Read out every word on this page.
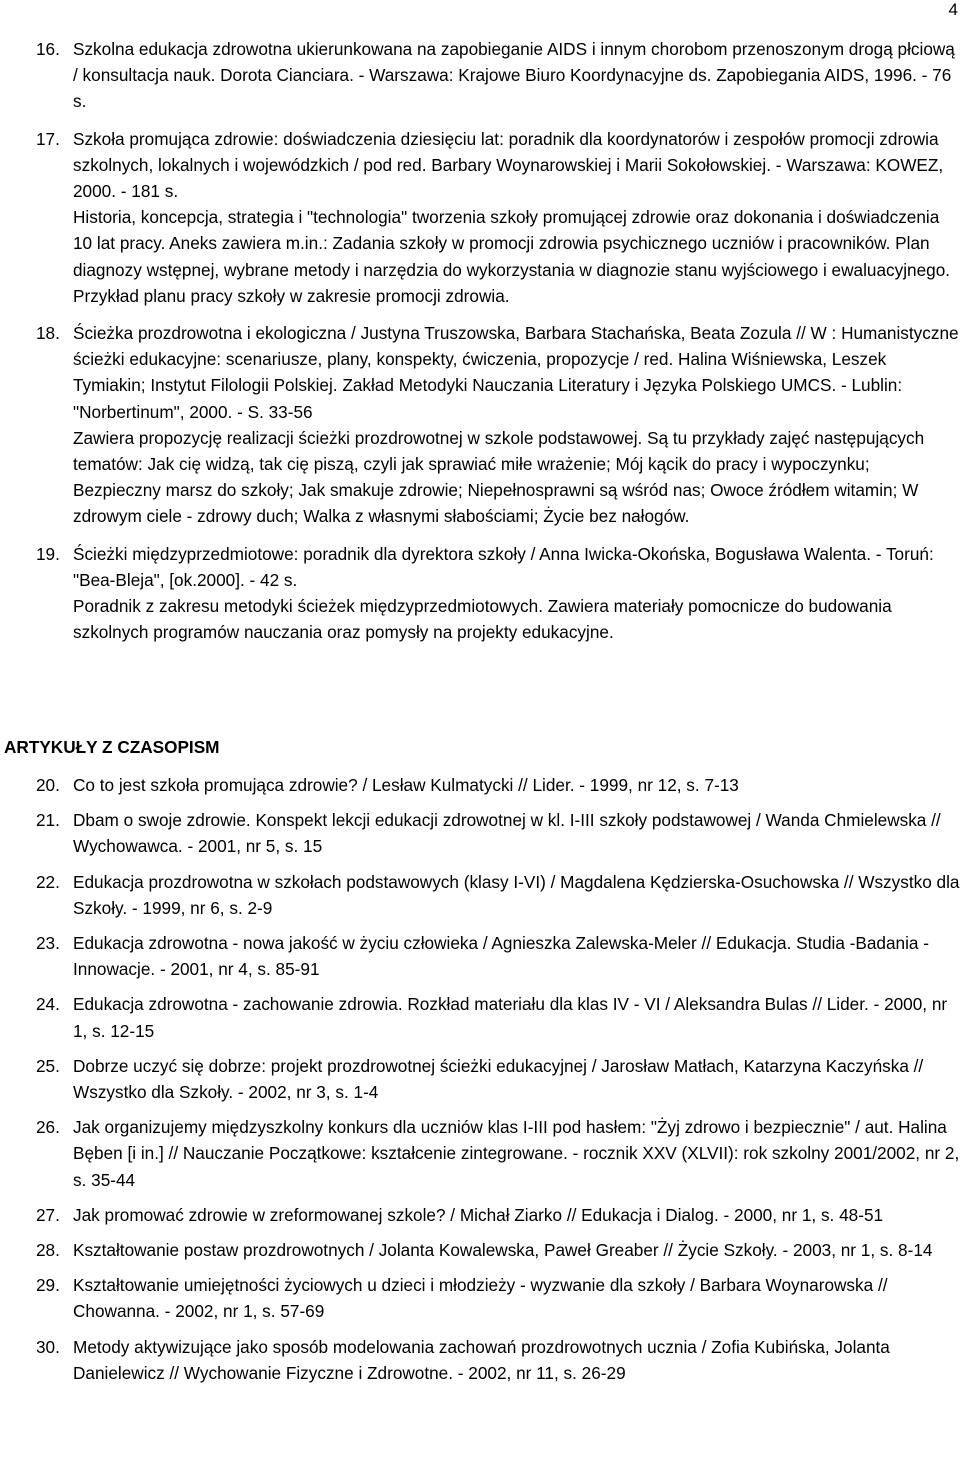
4
16. Szkolna edukacja zdrowotna ukierunkowana na zapobieganie AIDS i innym chorobom przenoszonym drogą płciową / konsultacja nauk. Dorota Cianciara. - Warszawa: Krajowe Biuro Koordynacyjne ds. Zapobiegania AIDS, 1996. - 76 s.

17. Szkoła promująca zdrowie: doświadczenia dziesięciu lat: poradnik dla koordynatorów i zespołów promocji zdrowia szkolnych, lokalnych i wojewódzkich / pod red. Barbary Woynarowskiej i Marii Sokołowskiej. - Warszawa: KOWEZ, 2000. - 181 s.

Historia, koncepcja, strategia i "technologia" tworzenia szkoły promującej zdrowie oraz dokonania i doświadczenia 10 lat pracy. Aneks zawiera m.in.: Zadania szkoły w promocji zdrowia psychicznego uczniów i pracowników. Plan diagnozy wstępnej, wybrane metody i narzędzia do wykorzystania w diagnozie stanu wyjściowego i ewaluacyjnego. Przykład planu pracy szkoły w zakresie promocji zdrowia.

18. Ścieżka prozdrowotna i ekologiczna / Justyna Truszowska, Barbara Stachańska, Beata Zozula // W : Humanistyczne ścieżki edukacyjne: scenariusze, plany, konspekty, ćwiczenia, propozycje / red. Halina Wiśniewska, Leszek Tymiakin; Instytut Filologii Polskiej. Zakład Metodyki Nauczania Literatury i Języka Polskiego UMCS. - Lublin: "Norbertinum", 2000. - S. 33-56

Zawiera propozycję realizacji ścieżki prozdrowotnej w szkole podstawowej. Są tu przykłady zajęć następujących tematów: Jak cię widzą, tak cię piszą, czyli jak sprawiać miłe wrażenie; Mój kącik do pracy i wypoczynku; Bezpieczny marsz do szkoły; Jak smakuje zdrowie; Niepełnosprawni są wśród nas; Owoce źródłem witamin; W zdrowym ciele - zdrowy duch; Walka z własnymi słabościami; Życie bez nałogów.

19. Ścieżki międzyprzedmiotowe: poradnik dla dyrektora szkoły / Anna Iwicka-Okońska, Bogusława Walenta. - Toruń: "Bea-Bleja", [ok.2000]. - 42 s.

Poradnik z zakresu metodyki ścieżek międzyprzedmiotowych. Zawiera materiały pomocnicze do budowania szkolnych programów nauczania oraz pomysły na projekty edukacyjne.

ARTYKUŁY Z CZASOPISM
20. Co to jest szkoła promująca zdrowie? / Lesław Kulmatycki // Lider. - 1999, nr 12, s. 7-13
21. Dbam o swoje zdrowie. Konspekt lekcji edukacji zdrowotnej w kl. I-III szkoły podstawowej / Wanda Chmielewska // Wychowawca. - 2001, nr 5, s. 15
22. Edukacja prozdrowotna w szkołach podstawowych (klasy I-VI) / Magdalena Kędzierska-Osuchowska // Wszystko dla Szkoły. - 1999, nr 6, s. 2-9
23. Edukacja zdrowotna - nowa jakość w życiu człowieka / Agnieszka Zalewska-Meler // Edukacja. Studia -Badania - Innowacje. - 2001, nr 4, s. 85-91
24. Edukacja zdrowotna - zachowanie zdrowia. Rozkład materiału dla klas IV - VI / Aleksandra Bulas // Lider. - 2000, nr 1, s. 12-15
25. Dobrze uczyć się dobrze: projekt prozdrowotnej ścieżki edukacyjnej / Jarosław Matłach, Katarzyna Kaczyńska // Wszystko dla Szkoły. - 2002, nr 3, s. 1-4
26. Jak organizujemy międzyszkolny konkurs dla uczniów klas I-III pod hasłem: "Żyj zdrowo i bezpiecznie" / aut. Halina Bęben [i in.] // Nauczanie Początkowe: kształcenie zintegrowane. - rocznik XXV (XLVII): rok szkolny 2001/2002, nr 2, s. 35-44
27. Jak promować zdrowie w zreformowanej szkole? / Michał Ziarko // Edukacja i Dialog. - 2000, nr 1, s. 48-51
28. Kształtowanie postaw prozdrowotnych / Jolanta Kowalewska, Paweł Greaber // Życie Szkoły. - 2003, nr 1, s. 8-14
29. Kształtowanie umiejętności życiowych u dzieci i młodzieży - wyzwanie dla szkoły / Barbara Woynarowska // Chowanna. - 2002, nr 1, s. 57-69
30. Metody aktywizujące jako sposób modelowania zachowań prozdrowotnych ucznia / Zofia Kubińska, Jolanta Danielewicz // Wychowanie Fizyczne i Zdrowotne. - 2002, nr 11, s. 26-29
